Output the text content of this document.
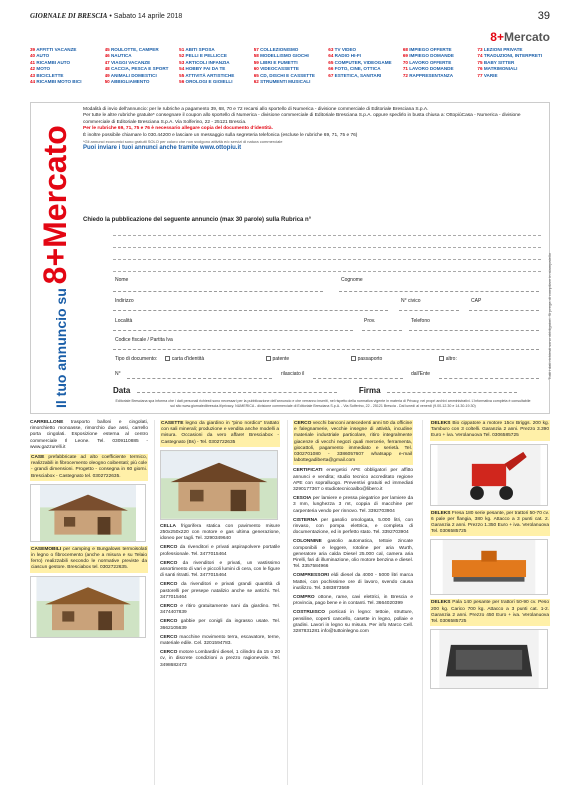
GIORNALE DI BRESCIA • Sabato 14 aprile 2018	39
8+Mercato
39 AFFITTI VACANZE
40 AUTO
41 RICAMBI AUTO
42 MOTO
43 BICICLETTE
44 RICAMBI MOTO BICI
45 ROULOTTE, CAMPER
46 NAUTICA
47 VIAGGI VACANZE
48 CACCIA, PESCA E SPORT
49 ANIMALI DOMESTICI
50 ABBIGLIAMENTO
51 ABITI SPOSA
52 PELLI E PELLICCE
53 ARTICOLI INFANZIA
54 HOBBY FAI DA TE
55 ATTIVITÀ ARTISTICHE
56 OROLOGI E GIOIELLI
57 COLLEZIONISMO
58 MODELLISMO GIOCHI
59 LIBRI E FUMETTI
60 VIDEOCASSETTE
65 CD, DISCHI E CASSETTE
62 STRUMENTI MUSICALI
63 TV VIDEO
64 RADIO HI-FI
65 COMPUTER, VIDEOGAME
66 FOTO, CINE, OTTICA
67 ESTETICA, SANITARI
68 IMPIEGO OFFERTE
69 IMPIEGO DOMANDE
70 LAVORO OFFERTE
71 LAVORO DOMANDE
72 RAPPRESENTANZA
73 LEZIONI PRIVATE
74 TRADUZIONI, INTERPRETI
75 BABY SITTER
76 MATRIMONIALI
77 VARIE
Il tuo annuncio su 8+Mercato
Tutti i dati richiesti sono obbligatori. Si prega di compilare in stampatello

Modalità di invio dell'annuncio: per le rubriche a pagamento 39, 68, 70 e 72 recarsi allo sportello di Numerica - divisione commerciale di Editoriale Bresciana S.p.A.

Per tutte le altre rubriche gratuite* consegnare il coupon allo sportello di Numerica - divisione commerciale di Editoriale Bresciana S.p.A. oppure spedirlo in busta chiusa a: OttopiùCasa - Numerica - divisione commerciale di Editoriale Bresciana S.p.A. Via Solferino, 22 - 25121 Brescia.

Per le rubriche 69, 71, 75 e 76 è necessario allegare copia del documento d'identità.

È inoltre possibile chiamare lo 030.44200 e lasciare un messaggio sulla segreteria telefonica (escluse le rubriche 69, 71, 75 e 76)

*Gli annunci economici sono gratuiti SOLO per coloro che non svolgono attività e/o servizi di natura commerciale

Puoi inviare i tuoi annunci anche tramite www.ottopiu.it

Chiedo la pubblicazione del seguente annuncio (max 30 parole) sulla Rubrica n°
Nome	Cognome
Indirizzo	N° civico	CAP
Località	Prov.	Telefono
Codice fiscale / Partita Iva
Tipo di documento:	carta d'identità	patente	passaporto	altro:
N°	rilasciato il	dall'Ente
Data	Firma
Editoriale Bresciana spa informa che i dati personali richiesti sono necessari per la pubblicazione dell'annuncio e che verranno inseriti, nel rispetto della normativa vigente in materia di Privacy, nei propri archivi amministrativi. L'informativa completa è consultabile sul sito www.giornaledibrescia.it/privacy. NUMERICA - divisione commerciale di Editoriale Bresciana S.p.A. - Via Solferino, 22 - 25121 Brescia - Dal lunedì al venerdì (9.00-12.30 e 14.30-19.30)

CARRELLONE trasporto balloni e cingolati, rimorchietto monoasse, rimorchio due assi, carrello porta cingolati. Esposizione esterna al centro commerciale Il Leone. Tel. 0309110885 - www.gazzurelli.it

CASE prefabbricate ad alto coefficiente termico, realizzabili in fibrocemento oleogno coibentati; più cole - grandi dimensioni. Progetto - consegna in 60 giorni. Bresciabox - Castegnato tel. 0302722635.

CASEMOBILI per camping e Bungalows termoisolati in legno o fibrocemento (anche a misura e su Telaio ferro) realizzabili secondo le normative previste da ciascun gestore. Bresciabox tel. 0302722635.

CASETTE legno da giardino in "pino nordico" trattato con sali minerali; produzione e vendita anche modelli a misura. Occasioni da vero affare! Bresciabox - Castegnato (Bs) - Tel. 0302722635

CELLA frigorifera statica con pavimento misure 250x250x220 con motore e gas ultima generazione, idoneo per tagli. Tel. 3290349640

CERCO da rivenditori e privati aspirapolvere portatile professionale. Tel. 3477015464

CERCO da rivenditori e privati, un vastissimo assortimento di vari e piccoli lumini di cera, con le figure di santi ritratti. Tel. 3477015464

CERCO da rivenditori e privati grandi quantità di pastorelli per presepe natalizio anche se antichi. Tel. 3477015464

CERCO e ritiro gratuitamente nani da giardino. Tel. 3474407839

CERCO gabbie per conigli da ingrasso usate. Tel. 3662105639

CERCO macchine movimento terra, escavatore, terne, materiale edile. Cel. 3201594783.

CERCO motore Lombardini diesel, 1 cilindro da 15 o 20 cv, in discrete condizioni a prezzo ragionevole. Tel. 3498682473

CERCO vecchi banconi antecedenti anni 50 da officine e falegnamerie, vecchie insegne di attività, incudine materiale industriale particolare, ritiro integralmente giacenze di vecchi negozi quali mercerie, ferramenta, giocattoli, pagamento immediato e serietà. Tel. 0302701080 - 3386057607 whatsapp e-mail labottegadiberta@gmail.com

CERTIFICATI energetici APE obbligatori per affitto annunci e vendita; studio tecnico accreditato regione APE con sopralluogo. Preventivi gratuiti ed immediati 3290177367 o studiotecnicoalbo@libero.it

CESOIA per lamiere e pressa piegatrice per lamiere da 3 mm, lunghezza 3 mt, coppia di macchine per carpenteria vendo per rinnovo. Tel. 3392703904

CISTERNA per gasolio omologata, 5.000 litri, con rinvaso, con pompa elettrica, e completa di documentazione, ed in perfetto stato. Tel. 3392703904

COLONNINE gasolio automatica, tettoie zincate componibili e leggere, rotoline per aria Wurth, generatore aria calda Diesel 25.000 cal, camera aria Pirelli, fari di illuminazione, olio motore benzina e diesel. Tel. 3357584966

COMPRESSORI eldi diesel da 4000 - 5000 litri marca Mattei, con pochissime ore di lavoro, svendo causa inutilizzo. Tel. 3483873569

COMPRO ottone, rame, cavi elettrici, in Brescia e provincia, pago bene e in contanti. Tel. 3664020399

COSTRUISCO porticati in legno: tettoie, strutture, pensiline, coperti cancello, casette in legno, pollaie e gradini. Lavori in legno su misura. Per info Marco Cell. 3287831281 info@tuttoinlegno.com

DELEKS Bio cippatore a motore 15cv Briggs. 200 kg. Tamburo con 3 coltelli. Garanzia 2 anni. Prezzo 3.390 Euro + iva. Verolanuova Tel. 0306585725

DELEKS Fresa 180 serie pesante, per trattori 50-70 cv. 6 pale per flangia, 380 kg. Attacco a 3 punti cat. 2. Garanzia 2 anni. Prezzo 1.350 Euro + iva. Verolanuova Tel. 0306585725

DELEKS Pala 140 pesante per trattori 50-90 cv. Peso 200 kg. Carico 700 kg. Attacco a 3 punti cat. 1-2. Garanzia 2 anni. Prezzo 450 Euro + iva. Verolanuova Tel. 0306585725
